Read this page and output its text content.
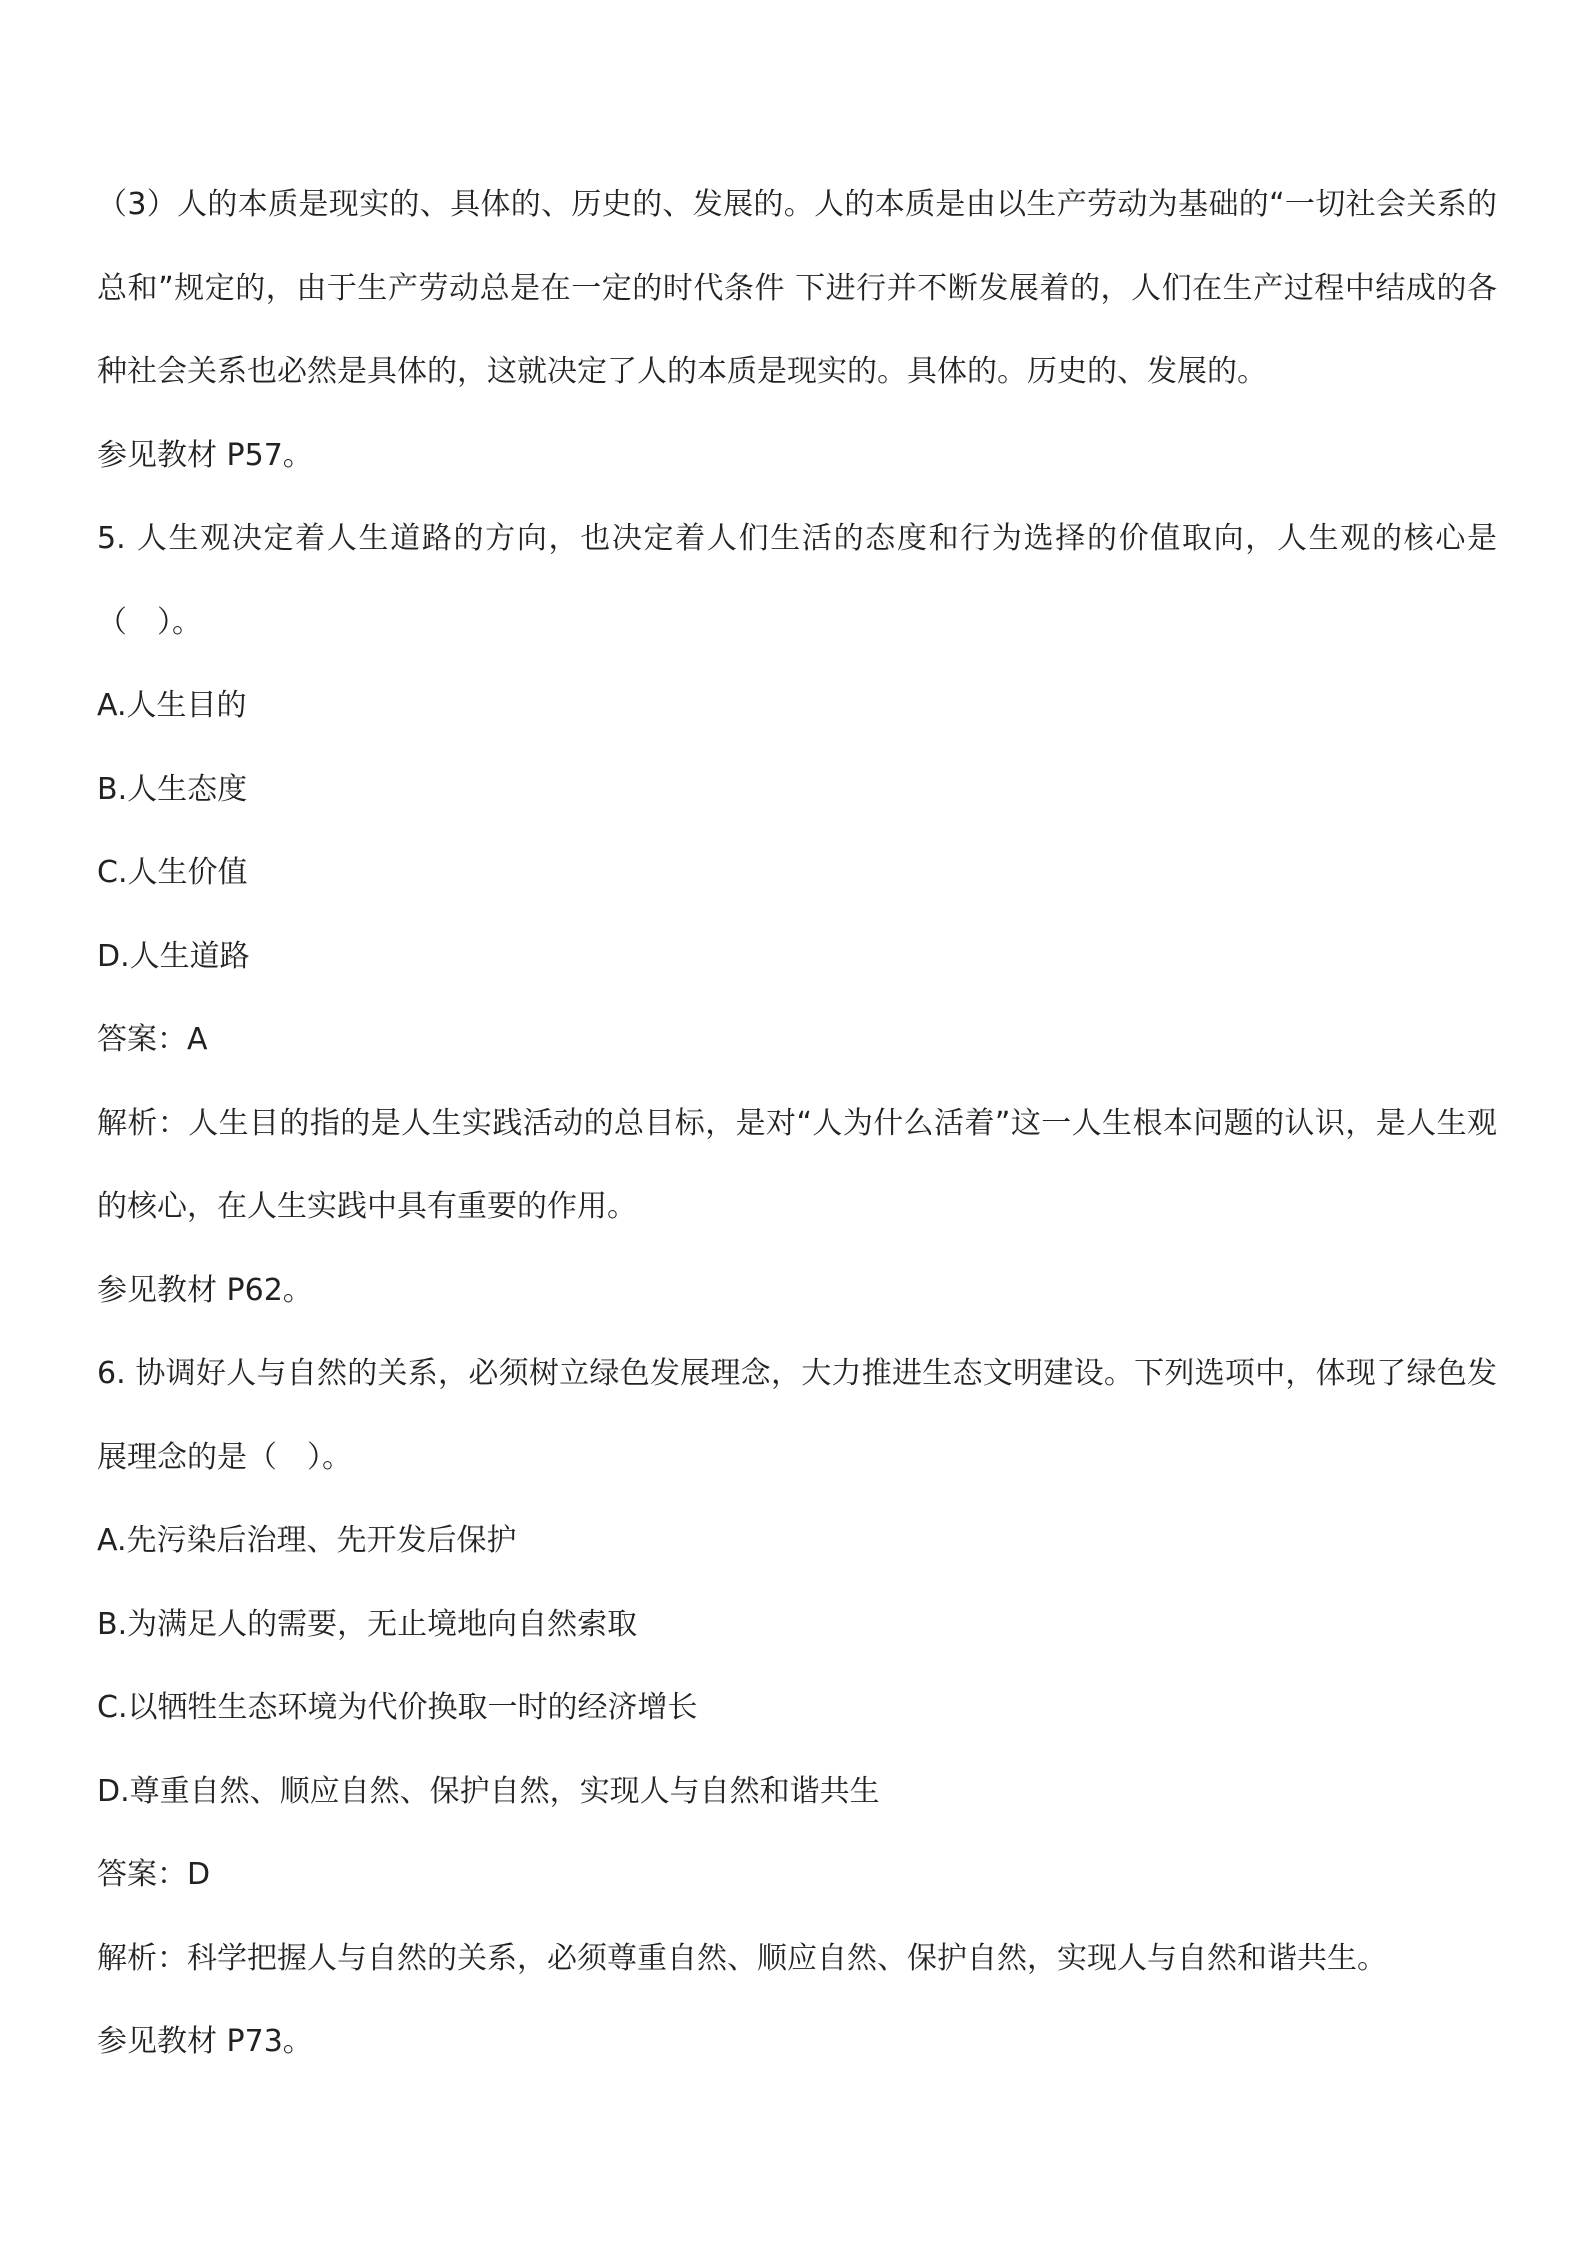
（3）人的本质是现实的、具体的、历史的、发展的。人的本质是由以生产劳动为基础的“一切社会关系的总和”规定的，由于生产劳动总是在一定的时代条件 下进行并不断发展着的，人们在生产过程中结成的各种社会关系也必然是具体的，这就决定了人的本质是现实的。具体的。历史的、发展的。

参见教材 P57。

5. 人生观决定着人生道路的方向，也决定着人们生活的态度和行为选择的价值取向，人生观的核心是（　）。

A.人生目的

B.人生态度

C.人生价值

D.人生道路

答案：A

解析：人生目的指的是人生实践活动的总目标，是对“人为什么活着”这一人生根本问题的认识，是人生观的核心，在人生实践中具有重要的作用。

参见教材 P62。

6. 协调好人与自然的关系，必须树立绿色发展理念，大力推进生态文明建设。下列选项中，体现了绿色发展理念的是（　）。

A.先污染后治理、先开发后保护

B.为满足人的需要，无止境地向自然索取

C.以牺牲生态环境为代价换取一时的经济增长

D.尊重自然、顺应自然、保护自然，实现人与自然和谐共生

答案：D

解析：科学把握人与自然的关系，必须尊重自然、顺应自然、保护自然，实现人与自然和谐共生。

参见教材 P73。
